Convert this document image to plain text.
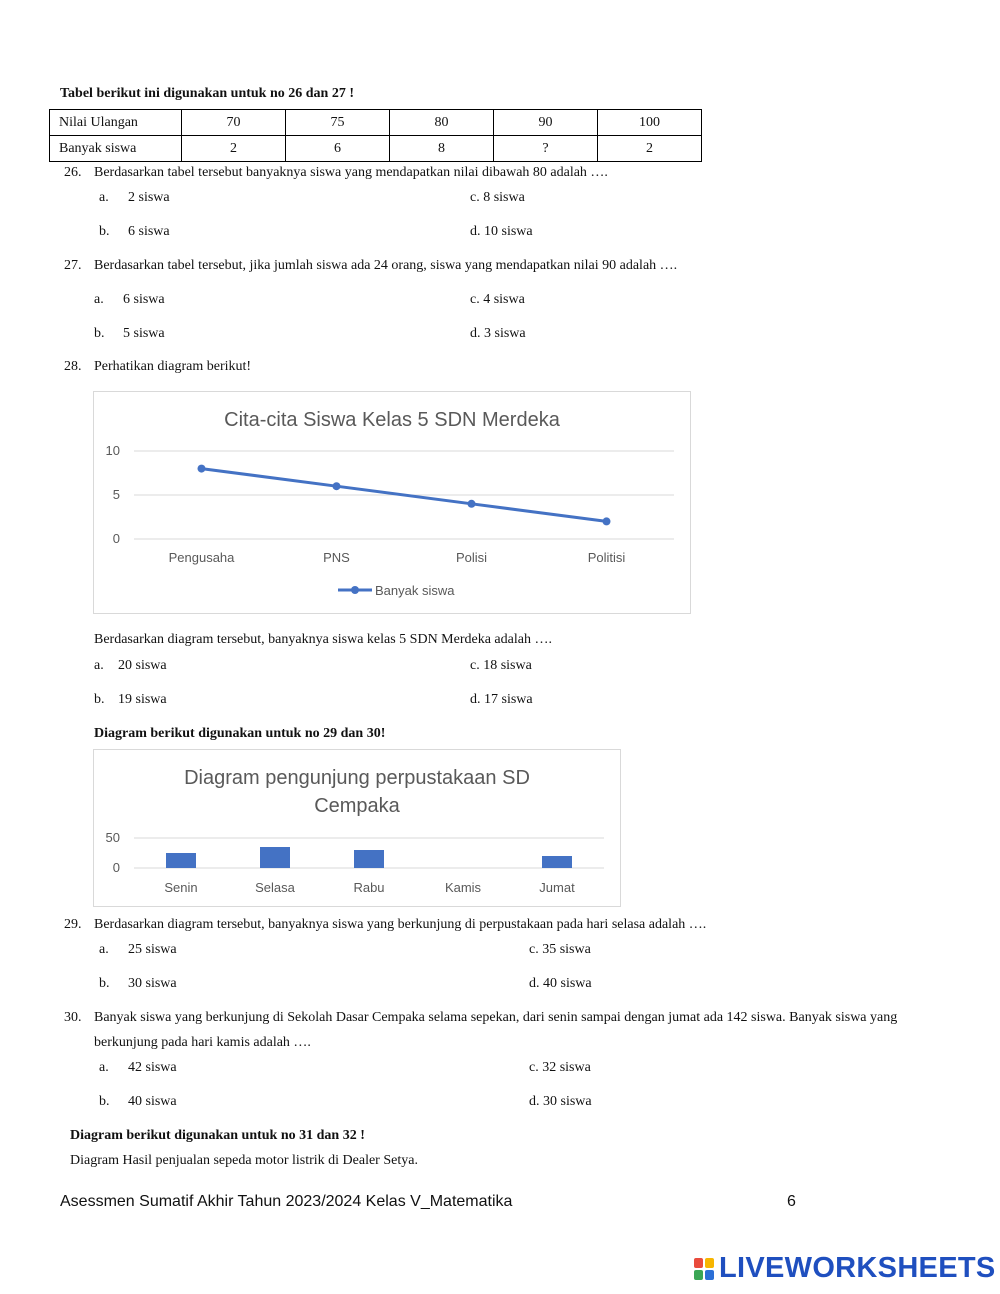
Tabel berikut ini digunakan untuk no 26 dan 27 !
Nilai Ulangan	70	75	80	90	100
Banyak siswa	2	6	8	?	2
26. Berdasarkan tabel tersebut banyaknya siswa yang mendapatkan nilai dibawah 80 adalah ….
a. 2 siswa	c. 8 siswa
b. 6 siswa	d. 10 siswa
27. Berdasarkan tabel tersebut, jika jumlah siswa ada 24 orang, siswa yang mendapatkan nilai 90 adalah ….
a. 6 siswa	c. 4 siswa
b. 5 siswa	d. 3 siswa
28. Perhatikan diagram berikut!
Cita-cita Siswa Kelas 5 SDN Merdeka
0
5
10
Pengusaha	PNS	Polisi	Politisi
Banyak siswa
Berdasarkan diagram tersebut, banyaknya siswa kelas 5 SDN Merdeka adalah ….
a. 20 siswa	c. 18 siswa
b. 19 siswa	d. 17 siswa
Diagram berikut digunakan untuk no 29 dan 30!
Diagram pengunjung perpustakaan SD
Cempaka
0
50
Senin	Selasa	Rabu	Kamis	Jumat
29. Berdasarkan diagram tersebut, banyaknya siswa yang berkunjung di perpustakaan pada hari selasa adalah ….
a. 25 siswa	c. 35 siswa
b. 30 siswa	d. 40 siswa
30. Banyak siswa yang berkunjung di Sekolah Dasar Cempaka selama sepekan, dari senin sampai dengan jumat ada 142 siswa. Banyak siswa yang
berkunjung pada hari kamis adalah ….
a. 42 siswa	c. 32 siswa
b. 40 siswa	d. 30 siswa
Diagram berikut digunakan untuk no 31 dan 32 !
Diagram Hasil penjualan sepeda motor listrik di Dealer Setya.
Asessmen Sumatif Akhir Tahun 2023/2024 Kelas V_Matematika	6
LIVEWORKSHEETS
